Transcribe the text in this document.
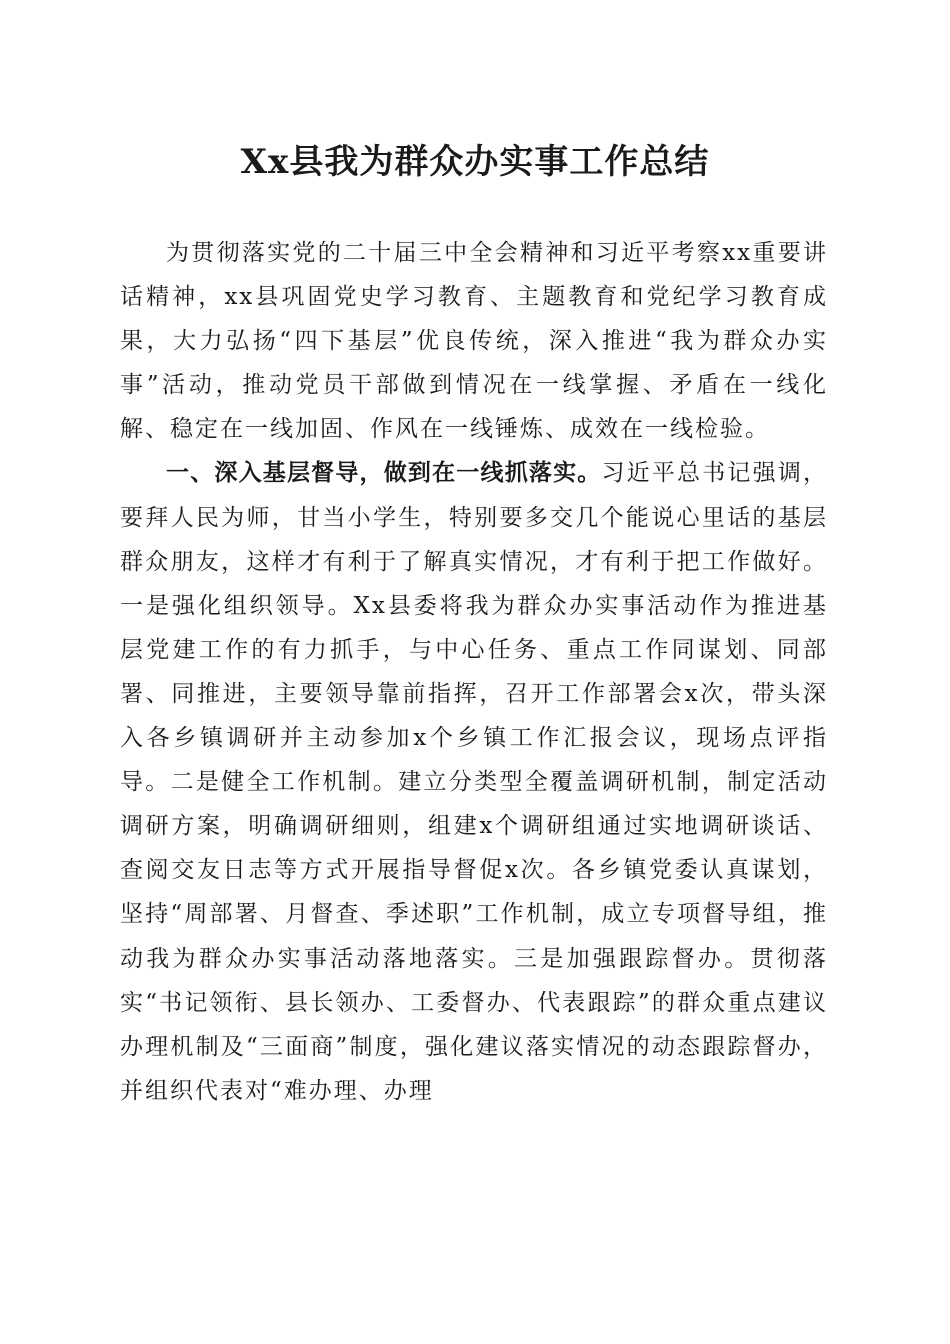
Xx县我为群众办实事工作总结

为贯彻落实党的二十届三中全会精神和习近平考察xx重要讲话精神，xx县巩固党史学习教育、主题教育和党纪学习教育成果，大力弘扬“四下基层”优良传统，深入推进“我为群众办实事”活动，推动党员干部做到情况在一线掌握、矛盾在一线化解、稳定在一线加固、作风在一线锤炼、成效在一线检验。

一、深入基层督导，做到在一线抓落实。习近平总书记强调，要拜人民为师，甘当小学生，特别要多交几个能说心里话的基层群众朋友，这样才有利于了解真实情况，才有利于把工作做好。一是强化组织领导。Xx县委将我为群众办实事活动作为推进基层党建工作的有力抓手，与中心任务、重点工作同谋划、同部署、同推进，主要领导靠前指挥，召开工作部署会x次，带头深入各乡镇调研并主动参加x个乡镇工作汇报会议，现场点评指导。二是健全工作机制。建立分类型全覆盖调研机制，制定活动调研方案，明确调研细则，组建x个调研组通过实地调研谈话、查阅交友日志等方式开展指导督促x次。各乡镇党委认真谋划，坚持“周部署、月督查、季述职”工作机制，成立专项督导组，推动我为群众办实事活动落地落实。三是加强跟踪督办。贯彻落实“书记领衔、县长领办、工委督办、代表跟踪”的群众重点建议办理机制及“三面商”制度，强化建议落实情况的动态跟踪督办，并组织代表对“难办理、办理
